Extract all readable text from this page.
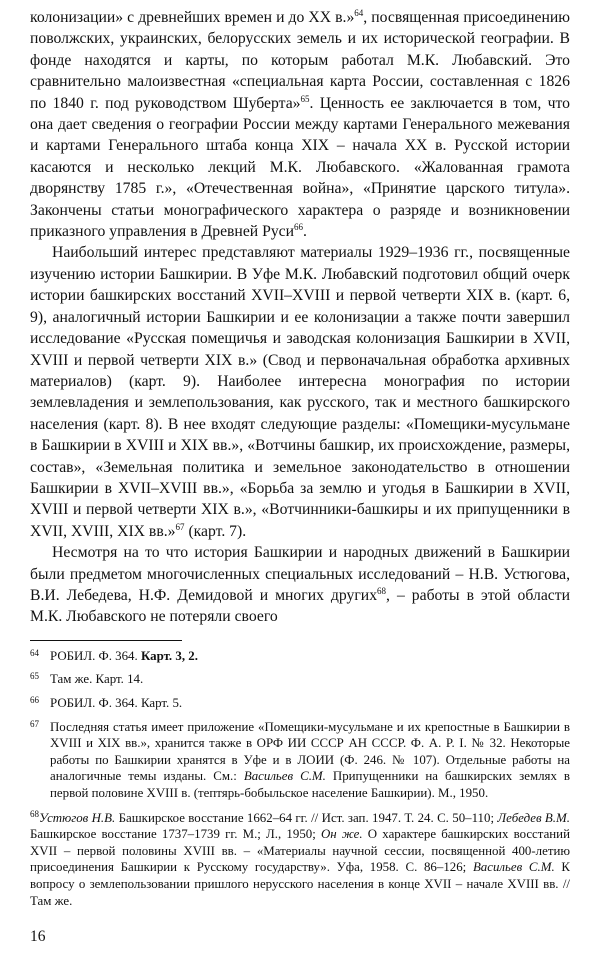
колонизации» с древнейших времен и до XX в.»$^{64}$, посвященная присоединению поволжских, украинских, белорусских земель и их исторической географии. В фонде находятся и карты, по которым работал М.К. Любавский. Это сравнительно малоизвестная «специальная карта России, составленная с 1826 по 1840 г. под руководством Шуберта»$^{65}$. Ценность ее заключается в том, что она дает сведения о географии России между картами Генерального межевания и картами Генерального штаба конца XIX – начала XX в. Русской истории касаются и несколько лекций М.К. Любавского. «Жалованная грамота дворянству 1785 г.», «Отечественная война», «Принятие царского титула». Закончены статьи монографического характера о разряде и возникновении приказного управления в Древней Руси$^{66}$.

Наибольший интерес представляют материалы 1929–1936 гг., посвященные изучению истории Башкирии. В Уфе М.К. Любавский подготовил общий очерк истории башкирских восстаний XVII–XVIII и первой четверти XIX в. (карт. 6, 9), аналогичный истории Башкирии и ее колонизации а также почти завершил исследование «Русская помещичья и заводская колонизация Башкирии в XVII, XVIII и первой четверти XIX в.» (Свод и первоначальная обработка архивных материалов) (карт. 9). Наиболее интересна монография по истории землевладения и землепользования, как русского, так и местного башкирского населения (карт. 8). В нее входят следующие разделы: «Помещики-мусульмане в Башкирии в XVIII и XIX вв.», «Вотчины башкир, их происхождение, размеры, состав», «Земельная политика и земельное законодательство в отношении Башкирии в XVII–XVIII вв.», «Борьба за землю и угодья в Башкирии в XVII, XVIII и первой четверти XIX в.», «Вотчинники-башкиры и их припущенники в XVII, XVIII, XIX вв.»$^{67}$ (карт. 7).

Несмотря на то что история Башкирии и народных движений в Башкирии были предметом многочисленных специальных исследований – Н.В. Устюгова, В.И. Лебедева, Н.Ф. Демидовой и многих других$^{68}$, – работы в этой области М.К. Любавского не потеряли своего

64 РОБИЛ. Ф. 364. Карт. 3, 2.
65 Там же. Карт. 14.
66 РОБИЛ. Ф. 364. Карт. 5.
67 Последняя статья имеет приложение «Помещики-мусульмане и их крепостные в Башкирии в XVIII и XIX вв.», хранится также в ОРФ ИИ СССР АН СССР. Ф. А. Р. I. № 32. Некоторые работы по Башкирии хранятся в Уфе и в ЛОИИ (Ф. 246. № 107). Отдельные работы на аналогичные темы изданы. См.: Васильев С.М. Припущенники на башкирских землях в первой половине XVIII в. (тептярь-бобыльское население Башкирии). М., 1950.
$^{68}$Устюгов Н.В. Башкирское восстание 1662–64 гг. // Ист. зап. 1947. Т. 24. С. 50–110; Лебедев В.М. Башкирское восстание 1737–1739 гг. М.; Л., 1950; Он же. О характере башкирских восстаний XVII – первой половины XVIII вв. – «Материалы научной сессии, посвященной 400-летию присоединения Башкирии к Русскому государству». Уфа, 1958. С. 86–126; Васильев С.М. К вопросу о землепользовании пришлого нерусского населения в конце XVII – начале XVIII вв. // Там же.
16
